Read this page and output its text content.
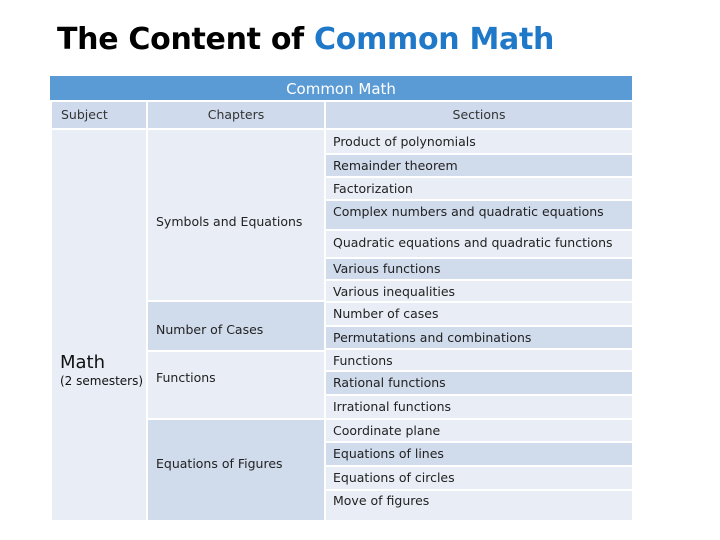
The Content of Common Math
Common Math
Subject	Chapters	Sections
Math
(2 semesters)
Symbols and Equations
Number of Cases
Functions
Equations of Figures
Product of polynomials
Remainder theorem
Factorization
Complex numbers and quadratic equations
Quadratic equations and quadratic functions
Various functions
Various inequalities
Number of cases
Permutations and combinations
Functions
Rational functions
Irrational functions
Coordinate plane
Equations of lines
Equations of circles
Move of figures
